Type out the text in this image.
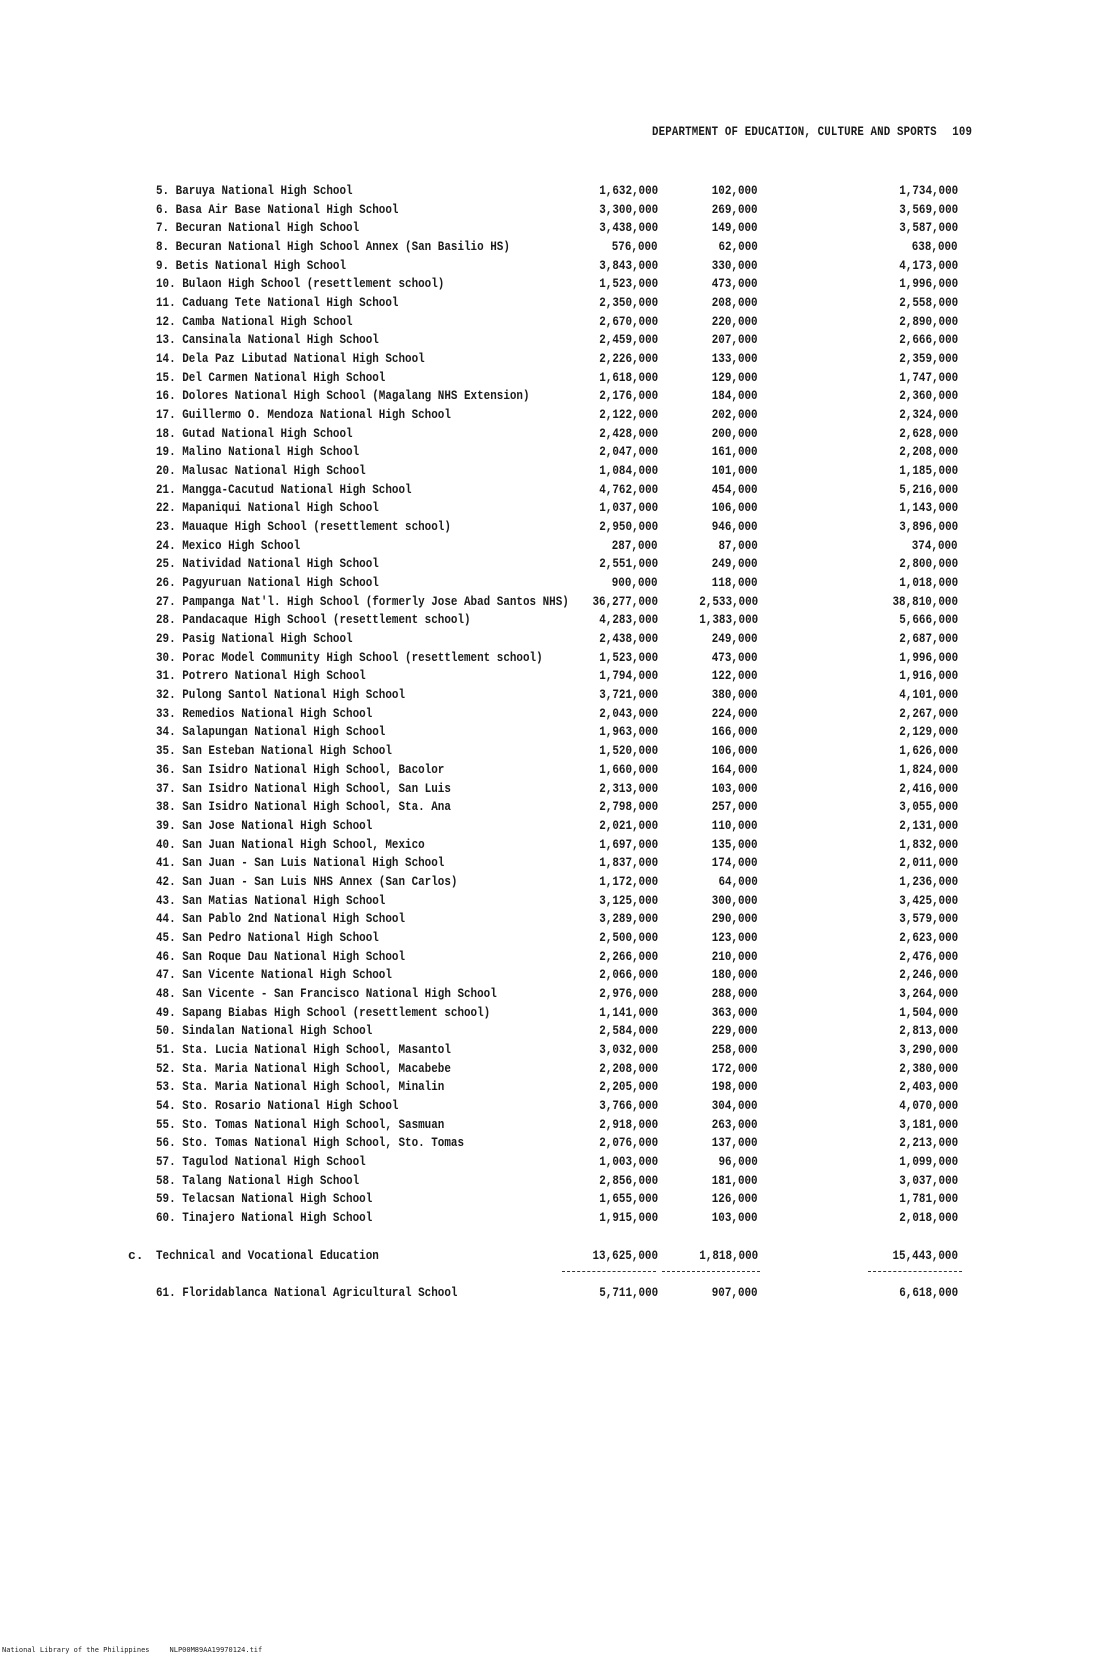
DEPARTMENT OF EDUCATION, CULTURE AND SPORTS 109
5. Baruya National High School	1,632,000	102,000	1,734,000
6. Basa Air Base National High School	3,300,000	269,000	3,569,000
7. Becuran National High School	3,438,000	149,000	3,587,000
8. Becuran National High School Annex (San Basilio HS)	576,000	62,000	638,000
9. Betis National High School	3,843,000	330,000	4,173,000
10. Bulaon High School (resettlement school)	1,523,000	473,000	1,996,000
11. Caduang Tete National High School	2,350,000	208,000	2,558,000
12. Camba National High School	2,670,000	220,000	2,890,000
13. Cansinala National High School	2,459,000	207,000	2,666,000
14. Dela Paz Libutad National High School	2,226,000	133,000	2,359,000
15. Del Carmen National High School	1,618,000	129,000	1,747,000
16. Dolores National High School (Magalang NHS Extension)	2,176,000	184,000	2,360,000
17. Guillermo O. Mendoza National High School	2,122,000	202,000	2,324,000
18. Gutad National High School	2,428,000	200,000	2,628,000
19. Malino National High School	2,047,000	161,000	2,208,000
20. Malusac National High School	1,084,000	101,000	1,185,000
21. Mangga-Cacutud National High School	4,762,000	454,000	5,216,000
22. Mapaniqui National High School	1,037,000	106,000	1,143,000
23. Mauaque High School (resettlement school)	2,950,000	946,000	3,896,000
24. Mexico High School	287,000	87,000	374,000
25. Natividad National High School	2,551,000	249,000	2,800,000
26. Pagyuruan National High School	900,000	118,000	1,018,000
27. Pampanga Nat'l. High School (formerly Jose Abad Santos NHS) 36,277,000	2,533,000	38,810,000
28. Pandacaque High School (resettlement school)	4,283,000	1,383,000	5,666,000
29. Pasig National High School	2,438,000	249,000	2,687,000
30. Porac Model Community High School (resettlement school)	1,523,000	473,000	1,996,000
31. Potrero National High School	1,794,000	122,000	1,916,000
32. Pulong Santol National High School	3,721,000	380,000	4,101,000
33. Remedios National High School	2,043,000	224,000	2,267,000
34. Salapungan National High School	1,963,000	166,000	2,129,000
35. San Esteban National High School	1,520,000	106,000	1,626,000
36. San Isidro National High School, Bacolor	1,660,000	164,000	1,824,000
37. San Isidro National High School, San Luis	2,313,000	103,000	2,416,000
38. San Isidro National High School, Sta. Ana	2,798,000	257,000	3,055,000
39. San Jose National High School	2,021,000	110,000	2,131,000
40. San Juan National High School, Mexico	1,697,000	135,000	1,832,000
41. San Juan - San Luis National High School	1,837,000	174,000	2,011,000
42. San Juan - San Luis NHS Annex (San Carlos)	1,172,000	64,000	1,236,000
43. San Matias National High School	3,125,000	300,000	3,425,000
44. San Pablo 2nd National High School	3,289,000	290,000	3,579,000
45. San Pedro National High School	2,500,000	123,000	2,623,000
46. San Roque Dau National High School	2,266,000	210,000	2,476,000
47. San Vicente National High School	2,066,000	180,000	2,246,000
48. San Vicente - San Francisco National High School	2,976,000	288,000	3,264,000
49. Sapang Biabas High School (resettlement school)	1,141,000	363,000	1,504,000
50. Sindalan National High School	2,584,000	229,000	2,813,000
51. Sta. Lucia National High School, Masantol	3,032,000	258,000	3,290,000
52. Sta. Maria National High School, Macabebe	2,208,000	172,000	2,380,000
53. Sta. Maria National High School, Minalin	2,205,000	198,000	2,403,000
54. Sto. Rosario National High School	3,766,000	304,000	4,070,000
55. Sto. Tomas National High School, Sasmuan	2,918,000	263,000	3,181,000
56. Sto. Tomas National High School, Sto. Tomas	2,076,000	137,000	2,213,000
57. Tagulod National High School	1,003,000	96,000	1,099,000
58. Talang National High School	2,856,000	181,000	3,037,000
59. Telacsan National High School	1,655,000	126,000	1,781,000
60. Tinajero National High School	1,915,000	103,000	2,018,000
c. Technical and Vocational Education	13,625,000	1,818,000	15,443,000
61. Floridablanca National Agricultural School	5,711,000	907,000	6,618,000
National Library of the Philippines	NLP00M89AA19970124.tif
